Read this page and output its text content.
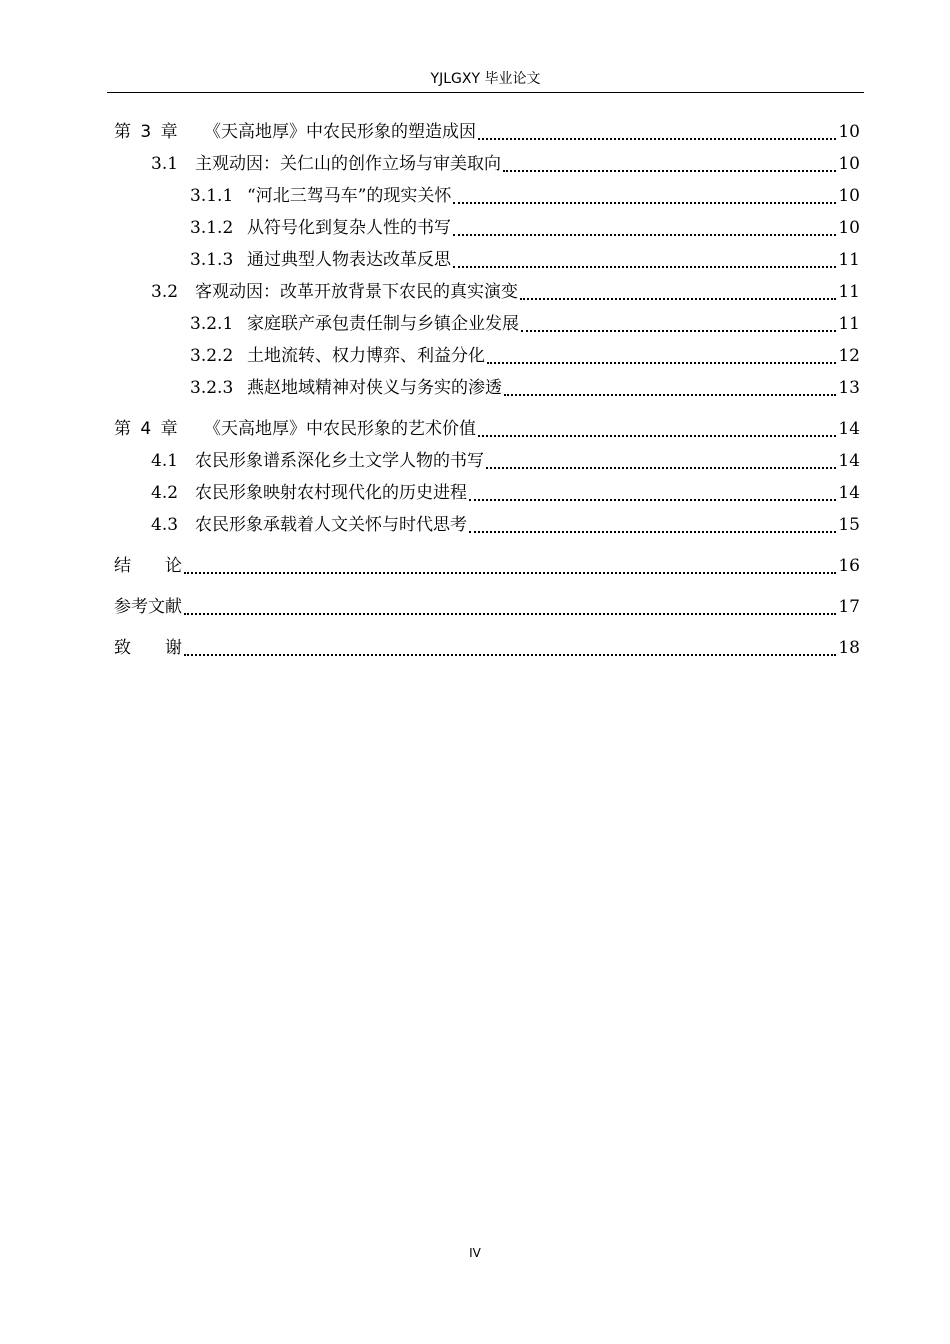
YJLGXY 毕业论文
第 3 章	《天高地厚》中农民形象的塑造成因	10
3.1 主观动因：关仁山的创作立场与审美取向	10
3.1.1 “河北三驾马车”的现实关怀	10
3.1.2 从符号化到复杂人性的书写	10
3.1.3 通过典型人物表达改革反思	11
3.2 客观动因：改革开放背景下农民的真实演变	11
3.2.1 家庭联产承包责任制与乡镇企业发展	11
3.2.2 土地流转、权力博弈、利益分化	12
3.2.3 燕赵地域精神对侠义与务实的渗透	13
第 4 章	《天高地厚》中农民形象的艺术价值	14
4.1 农民形象谱系深化乡土文学人物的书写	14
4.2 农民形象映射农村现代化的历史进程	14
4.3 农民形象承载着人文关怀与时代思考	15
结　　论	16
参考文献	17
致　　谢	18
IV
